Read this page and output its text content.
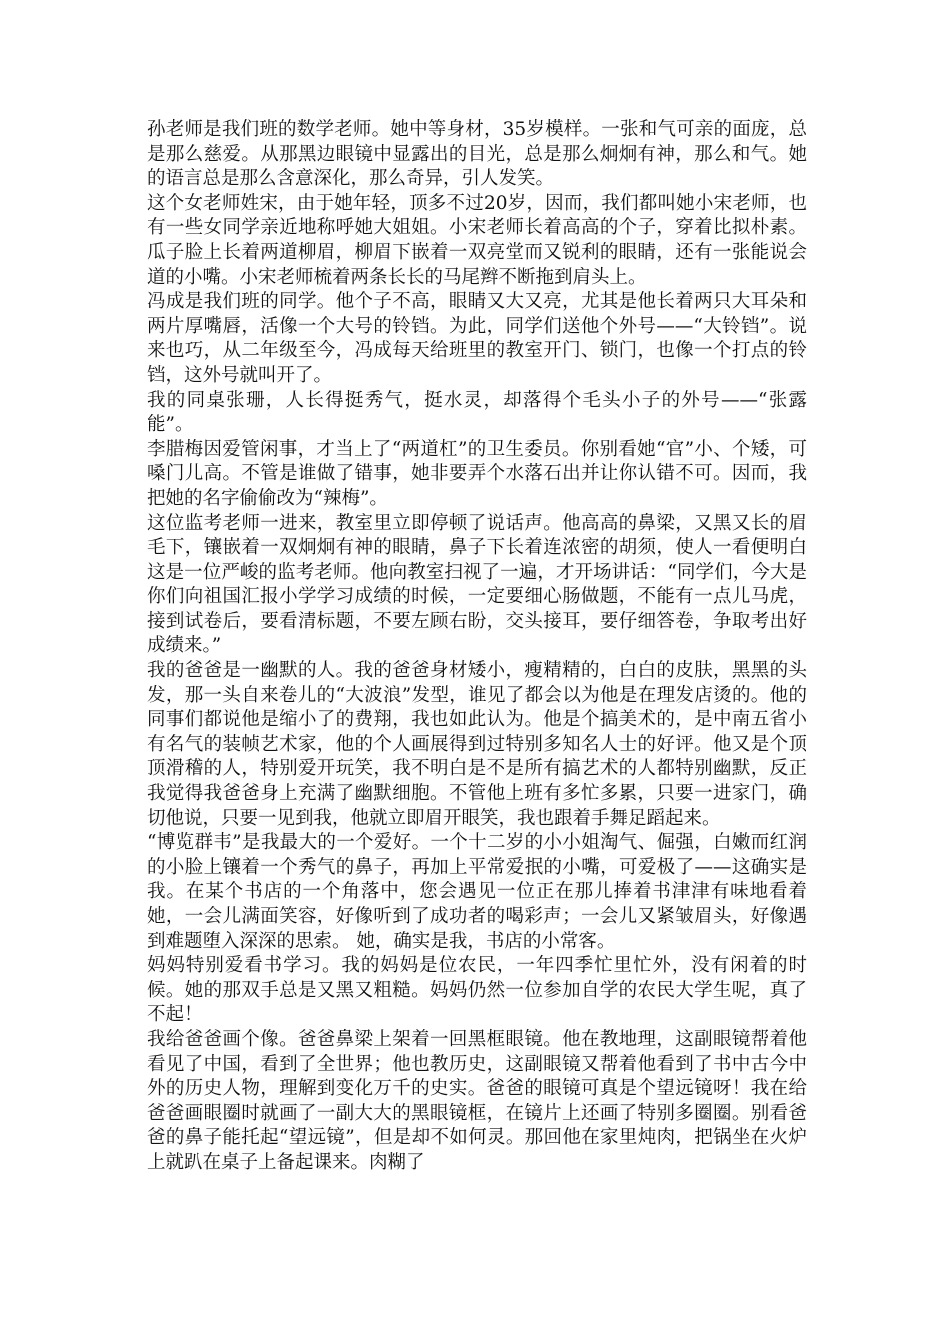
孙老师是我们班的数学老师。她中等身材，35岁模样。一张和气可亲的面庞，总是那么慈爱。从那黑边眼镜中显露出的目光，总是那么炯炯有神，那么和气。她的语言总是那么含意深化，那么奇异，引人发笑。

这个女老师姓宋，由于她年轻，顶多不过20岁，因而，我们都叫她小宋老师，也有一些女同学亲近地称呼她大姐姐。小宋老师长着高高的个子，穿着比拟朴素。瓜子脸上长着两道柳眉，柳眉下嵌着一双亮堂而又锐利的眼睛，还有一张能说会道的小嘴。小宋老师梳着两条长长的马尾辫不断拖到肩头上。

冯成是我们班的同学。他个子不高，眼睛又大又亮，尤其是他长着两只大耳朵和两片厚嘴唇，活像一个大号的铃铛。为此，同学们送他个外号——“大铃铛”。说来也巧，从二年级至今，冯成每天给班里的教室开门、锁门，也像一个打点的铃铛，这外号就叫开了。

我的同桌张珊，人长得挺秀气，挺水灵，却落得个毛头小子的外号——“张露能”。

李腊梅因爱管闲事，才当上了“两道杠”的卫生委员。你别看她“官”小、个矮，可嗓门儿高。不管是谁做了错事，她非要弄个水落石出并让你认错不可。因而，我把她的名字偷偷改为“辣梅”。

这位监考老师一进来，教室里立即停顿了说话声。他高高的鼻梁，又黑又长的眉毛下，镶嵌着一双炯炯有神的眼睛，鼻子下长着连浓密的胡须，使人一看便明白这是一位严峻的监考老师。他向教室扫视了一遍，才开场讲话：“同学们，今大是你们向祖国汇报小学学习成绩的时候，一定要细心肠做题，不能有一点儿马虎，接到试卷后，要看清标题，不要左顾右盼，交头接耳，要仔细答卷，争取考出好成绩来。”

我的爸爸是一幽默的人。我的爸爸身材矮小，瘦精精的，白白的皮肤，黑黑的头发，那一头自来卷儿的“大波浪”发型，谁见了都会以为他是在理发店烫的。他的同事们都说他是缩小了的费翔，我也如此认为。他是个搞美术的，是中南五省小有名气的装帧艺术家，他的个人画展得到过特别多知名人士的好评。他又是个顶顶滑稽的人，特别爱开玩笑，我不明白是不是所有搞艺术的人都特别幽默，反正我觉得我爸爸身上充满了幽默细胞。不管他上班有多忙多累，只要一进家门，确切他说，只要一见到我，他就立即眉开眼笑，我也跟着手舞足蹈起来。

“博览群韦”是我最大的一个爱好。一个十二岁的小小姐淘气、倔强，白嫩而红润的小脸上镶着一个秀气的鼻子，再加上平常爱抿的小嘴，可爱极了——这确实是我。在某个书店的一个角落中，您会遇见一位正在那儿捧着书津津有味地看着她，一会儿满面笑容，好像听到了成功者的喝彩声；一会儿又紧皱眉头，好像遇到难题堕入深深的思索。 她，确实是我，书店的小常客。

妈妈特别爱看书学习。我的妈妈是位农民，一年四季忙里忙外，没有闲着的时候。她的那双手总是又黑又粗糙。妈妈仍然一位参加自学的农民大学生呢，真了不起！

我给爸爸画个像。爸爸鼻梁上架着一回黑框眼镜。他在教地理，这副眼镜帮着他看见了中国，看到了全世界；他也教历史，这副眼镜又帮着他看到了书中古今中外的历史人物，理解到变化万千的史实。爸爸的眼镜可真是个望远镜呀！我在给爸爸画眼圈时就画了一副大大的黑眼镜框，在镜片上还画了特别多圈圈。别看爸爸的鼻子能托起“望远镜”，但是却不如何灵。那回他在家里炖肉，把锅坐在火炉上就趴在桌子上备起课来。肉糊了
